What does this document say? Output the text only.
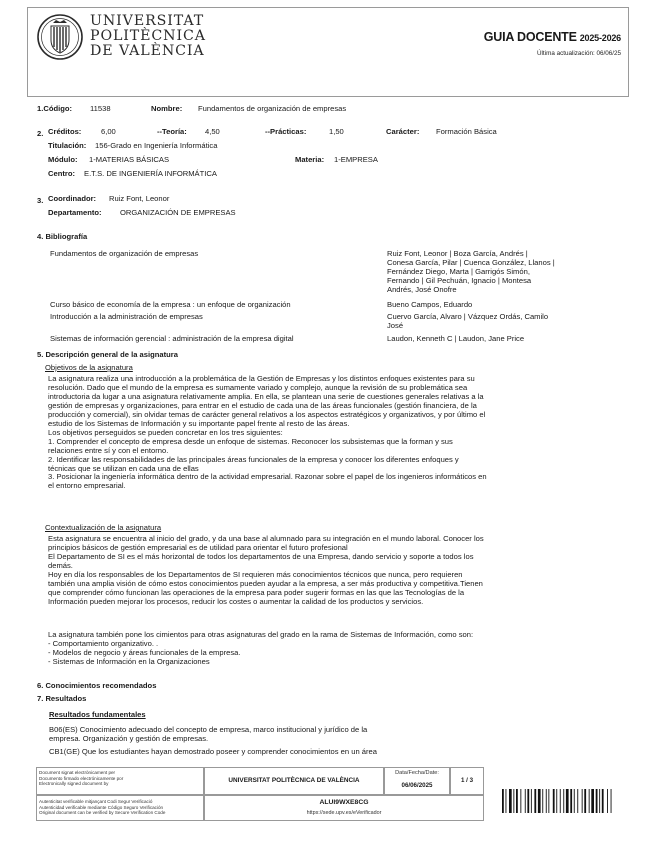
UNIVERSITAT
POLITÈCNICA
DE VALÈNCIA
GUIA DOCENTE 2025-2026
Última actualización: 06/06/25
1.Código: 11538	Nombre: Fundamentos de organización de empresas
2. Créditos:	6,00	--Teoría: 4,50	--Prácticas:	1,50	Carácter: Formación Básica
Titulación: 156-Grado en Ingeniería Informática
Módulo: 1-MATERIAS BÁSICAS	Materia: 1-EMPRESA
Centro: E.T.S. DE INGENIERÍA INFORMÁTICA
3. Coordinador: Ruiz Font, Leonor
Departamento: ORGANIZACIÓN DE EMPRESAS
4. Bibliografía
Fundamentos de organización de empresas	Ruiz Font, Leonor | Boza García, Andrés |
Conesa García, Pilar | Cuenca González, Llanos |
Fernández Diego, Marta | Garrigós Simón,
Fernando | Gil Pechuán, Ignacio | Montesa
Andrés, José Onofre
Curso básico de economía de la empresa : un enfoque de organización	Bueno Campos, Eduardo
Introducción a la administración de empresas	Cuervo García, Alvaro | Vázquez Ordás, Camilo
José
Sistemas de información gerencial : administración de la empresa digital	Laudon, Kenneth C | Laudon, Jane Price
5. Descripción general de la asignatura
Objetivos de la asignatura
La asignatura realiza una introducción a la problemática de la Gestión de Empresas y los distintos enfoques existentes para su
resolución. Dado que el mundo de la empresa es sumamente variado y complejo, aunque la revisión de su problemática sea
introductoria da lugar a una asignatura relativamente amplia. En ella, se plantean una serie de cuestiones generales relativas a la
gestión de empresas y organizaciones, para entrar en el estudio de cada una de las áreas funcionales (gestión financiera, de la
producción y comercial), sin olvidar temas de carácter general relativos a los aspectos estratégicos y organizativos, y por último el
estudio de los Sistemas de Información y su importante papel frente al resto de las áreas.
Los objetivos perseguidos se pueden concretar en los tres siguientes:
1. Comprender el concepto de empresa desde un enfoque de sistemas. Reconocer los subsistemas que la forman y sus
relaciones entre sí y con el entorno.
2. Identificar las responsabilidades de las principales áreas funcionales de la empresa y conocer los diferentes enfoques y
técnicas que se utilizan en cada una de ellas
3. Posicionar la ingeniería informática dentro de la actividad empresarial. Razonar sobre el papel de los ingenieros informáticos en
el entorno empresarial.
Contextualización de la asignatura
Esta asignatura se encuentra al inicio del grado, y da una base al alumnado para su integración en el mundo laboral. Conocer los
principios básicos de gestión empresarial es de utilidad para orientar el futuro profesional
El Departamento de SI es el más horizontal de todos los departamentos de una Empresa, dando servicio y soporte a todos los
demás.
Hoy en día los responsables de los Departamentos de SI requieren más conocimientos técnicos que nunca, pero requieren
también una amplia visión de cómo estos conocimientos pueden ayudar a la empresa, a ser más productiva y competitiva.Tienen
que comprender cómo funcionan las operaciones de la empresa para poder sugerir formas en las que las Tecnologías de la
Información pueden mejorar los procesos, reducir los costes o aumentar la calidad de los productos y servicios.
La asignatura también pone los cimientos para otras asignaturas del grado en la rama de Sistemas de Información, como son:
- Comportamiento organizativo. .
- Modelos de negocio y áreas funcionales de la empresa.
- Sistemas de Información en la Organizaciones
6. Conocimientos recomendados
7. Resultados
Resultados fundamentales
B06(ES) Conocimiento adecuado del concepto de empresa, marco institucional y jurídico de la
empresa. Organización y gestión de empresas.
CB1(GE) Que los estudiantes hayan demostrado poseer y comprender conocimientos en un área
Document signat electrònicament per
Documento firmado electrónicamente por
Electronically signed document by	UNIVERSITAT POLITÈCNICA DE VALÈNCIA
Data/Fecha/Date:
06/06/2025
1 / 3
Autenticitat verificable mitjançant Codi Segur Verificació
Autenticidad verificable mediante Código Seguro Verificación
Original document can be verified by Secure Verification Code
ALUI9WXE8CG
https://sede.upv.es/eVerificador
